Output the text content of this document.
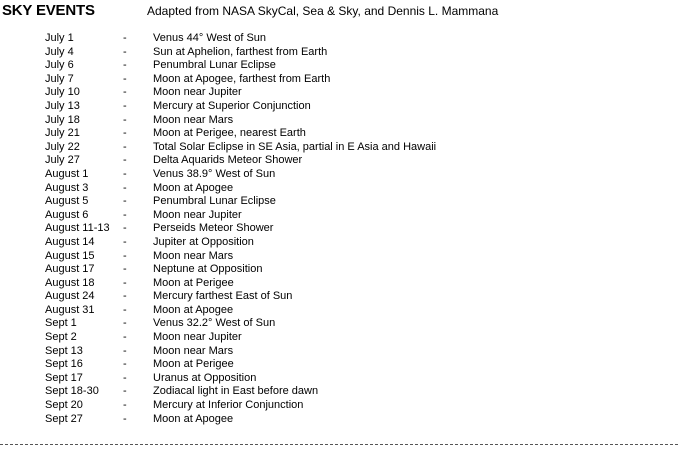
SKY EVENTS	Adapted from NASA SkyCal, Sea & Sky, and Dennis L. Mammana
July 1	- Venus 44° West of Sun
July 4	- Sun at Aphelion, farthest from Earth
July 6	- Penumbral Lunar Eclipse
July 7	- Moon at Apogee, farthest from Earth
July 10	- Moon near Jupiter
July 13	- Mercury at Superior Conjunction
July 18	- Moon near Mars
July 21	- Moon at Perigee, nearest Earth
July 22	- Total Solar Eclipse in SE Asia, partial in E Asia and Hawaii
July 27	- Delta Aquarids Meteor Shower
August 1	- Venus 38.9° West of Sun
August 3	- Moon at Apogee
August 5	- Penumbral Lunar Eclipse
August 6	- Moon near Jupiter
August 11-13 - Perseids Meteor Shower
August 14	- Jupiter at Opposition
August 15	- Moon near Mars
August 17	- Neptune at Opposition
August 18	- Moon at Perigee
August 24	- Mercury farthest East of Sun
August 31	- Moon at Apogee
Sept 1	- Venus 32.2° West of Sun
Sept 2	- Moon near Jupiter
Sept 13	- Moon near Mars
Sept 16	- Moon at Perigee
Sept 17	- Uranus at Opposition
Sept 18-30 - Zodiacal light in East before dawn
Sept 20	- Mercury at Inferior Conjunction
Sept 27	- Moon at Apogee
